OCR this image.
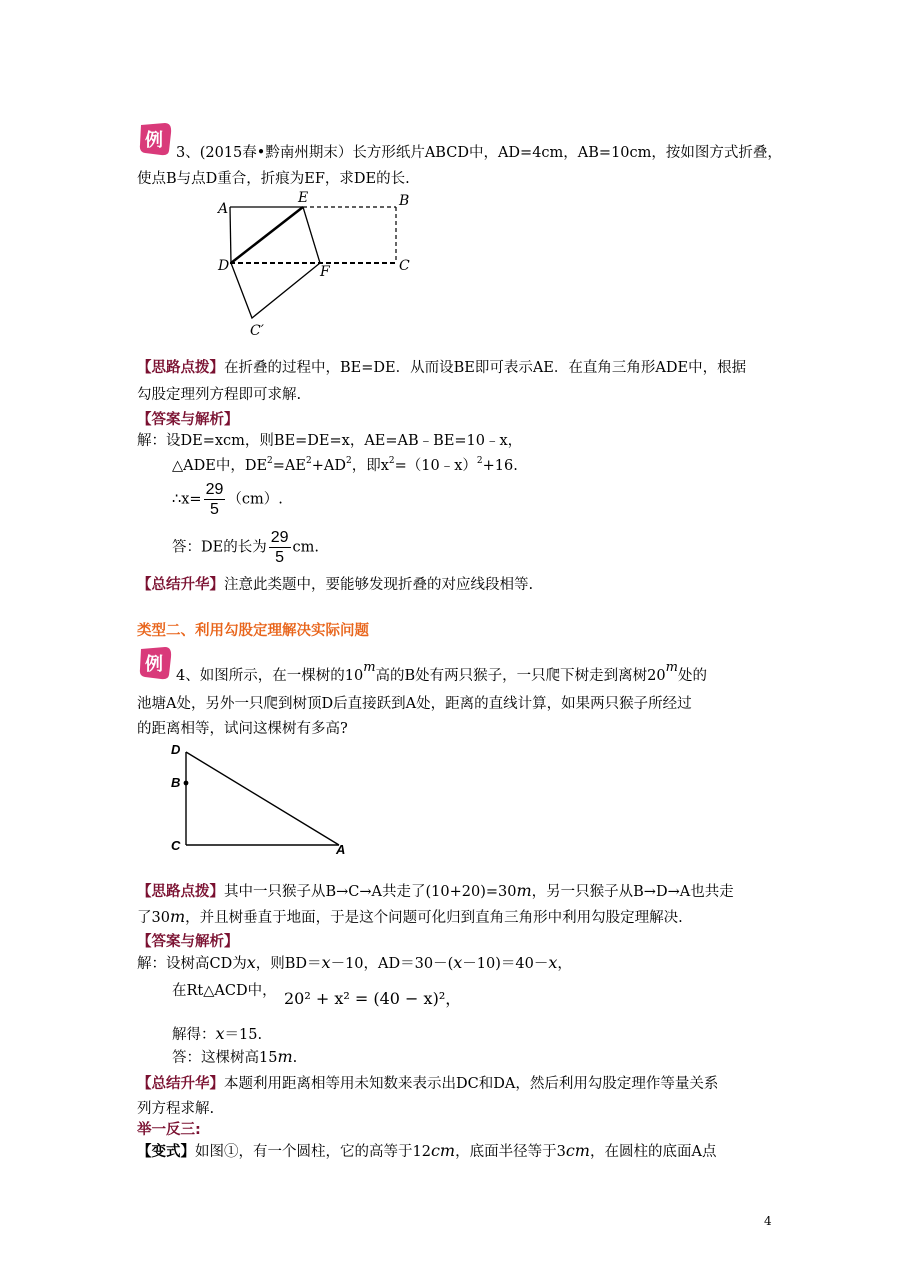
例
3、(2015春•黔南州期末）长方形纸片ABCD中，AD=4cm，AB=10cm，按如图方式折叠，
使点B与点D重合，折痕为EF，求DE的长.
A
E	B
D	F	C
C′
【思路点拨】在折叠的过程中，BE=DE．从而设BE即可表示AE．在直角三角形ADE中，根据
勾股定理列方程即可求解.
【答案与解析】
解：设DE=xcm，则BE=DE=x，AE=AB﹣BE=10﹣x，
△ADE中，$DE^2=AE^2+AD^2$，即$x^2=(10﹣x)^2+16$.
∴x= $\frac{29}{5} (cm)$.
答：DE的长为 $\frac{29}{5}$ cm.
【总结升华】注意此类题中，要能够发现折叠的对应线段相等.
类型二、利用勾股定理解决实际问题
例
4、如图所示，在一棵树的10$^m$高的B处有两只猴子，一只爬下树走到离树20$^m$处的
池塘A处，另外一只爬到树顶D后直接跃到A处，距离的直线计算，如果两只猴子所经过
的距离相等，试问这棵树有多高?
D
B
C	A
【思路点拨】其中一只猴子从B→C→A共走了(10+20)=30m，另一只猴子从B→D→A也共走
了30m，并且树垂直于地面，于是这个问题可化归到直角三角形中利用勾股定理解决.
【答案与解析】
解：设树高CD为x，则BD＝x－10，AD＝30－(x－10)＝40－x，
在Rt△ACD中， 20² + x² = (40 − x)²，
解得：x＝15.
答：这棵树高15m.
【总结升华】本题利用距离相等用未知数来表示出DC和DA，然后利用勾股定理作等量关系
列方程求解.
举一反三:
【变式】如图①，有一个圆柱，它的高等于12cm，底面半径等于3cm，在圆柱的底面A点
4
